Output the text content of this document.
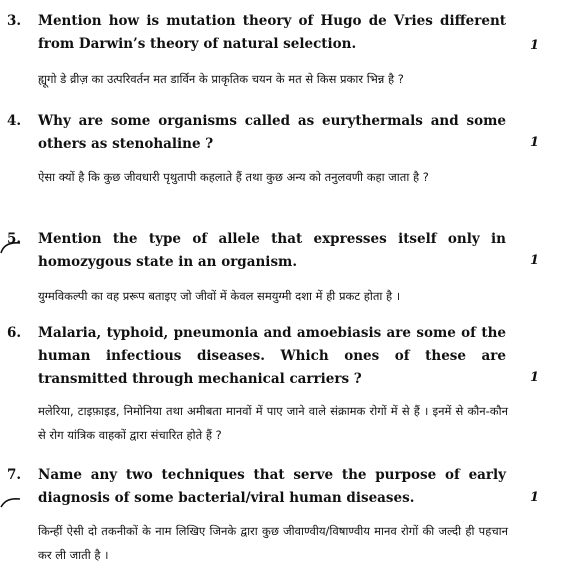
3. Mention how is mutation theory of Hugo de Vries different from Darwin’s theory of natural selection.	1
ह्यूगो डे व्रीज़ का उत्परिवर्तन मत डार्विन के प्राकृतिक चयन के मत से किस प्रकार भिन्न है ?
4. Why are some organisms called as eurythermals and some others as stenohaline ?	1
ऐसा क्यों है कि कुछ जीवधारी पृथुतापी कहलाते हैं तथा कुछ अन्य को तनुलवणी कहा जाता है ?
5. Mention the type of allele that expresses itself only in homozygous state in an organism.	1
युग्मविकल्पी का वह प्ररूप बताइए जो जीवों में केवल समयुग्मी दशा में ही प्रकट होता है ।
6. Malaria, typhoid, pneumonia and amoebiasis are some of the human infectious diseases. Which ones of these are transmitted through mechanical carriers ?	1
मलेरिया, टाइफ़ाइड, निमोनिया तथा अमीबता मानवों में पाए जाने वाले संक्रामक रोगों में से हैं । इनमें से कौन-कौन से रोग यांत्रिक वाहकों द्वारा संचारित होते हैं ?
7. Name any two techniques that serve the purpose of early diagnosis of some bacterial/viral human diseases.	1
किन्हीं ऐसी दो तकनीकों के नाम लिखिए जिनके द्वारा कुछ जीवाण्वीय/विषाण्वीय मानव रोगों की जल्दी ही पहचान कर ली जाती है ।
